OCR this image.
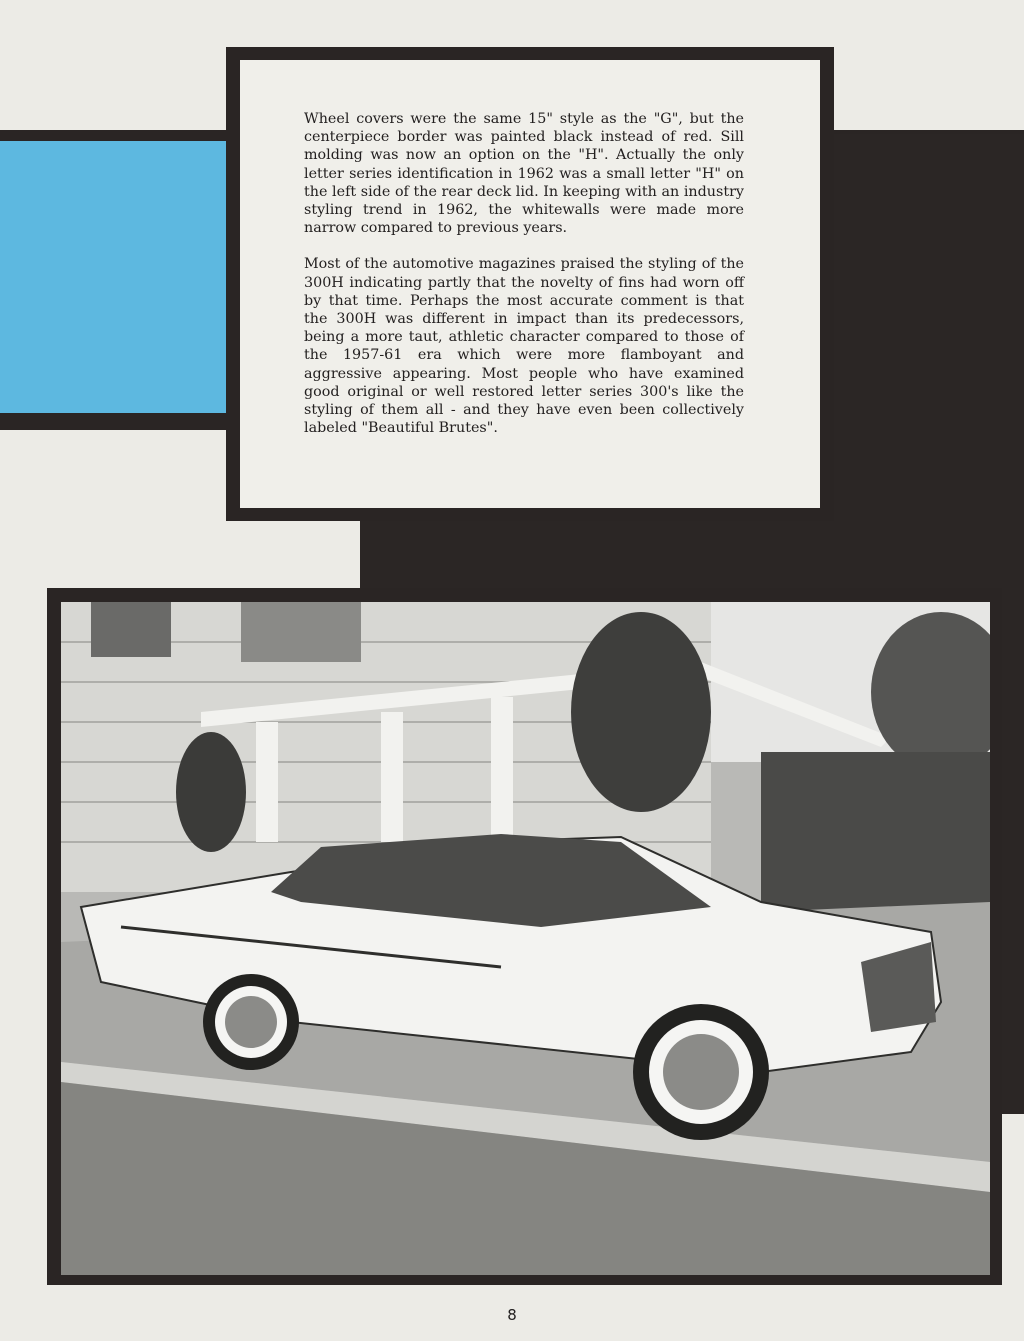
Wheel covers were the same 15" style as the "G", but the centerpiece border was painted black instead of red. Sill molding was now an option on the "H". Actually the only letter series identification in 1962 was a small letter "H" on the left side of the rear deck lid. In keeping with an industry styling trend in 1962, the whitewalls were made more narrow compared to previous years.

Most of the automotive magazines praised the styling of the 300H indicating partly that the novelty of fins had worn off by that time. Perhaps the most accurate comment is that the 300H was different in impact than its predecessors, being a more taut, athletic character compared to those of the 1957-61 era which were more flamboyant and aggressive appearing. Most people who have examined good original or well restored letter series 300's like the styling of them all - and they have even been collectively labeled "Beautiful Brutes".

8
